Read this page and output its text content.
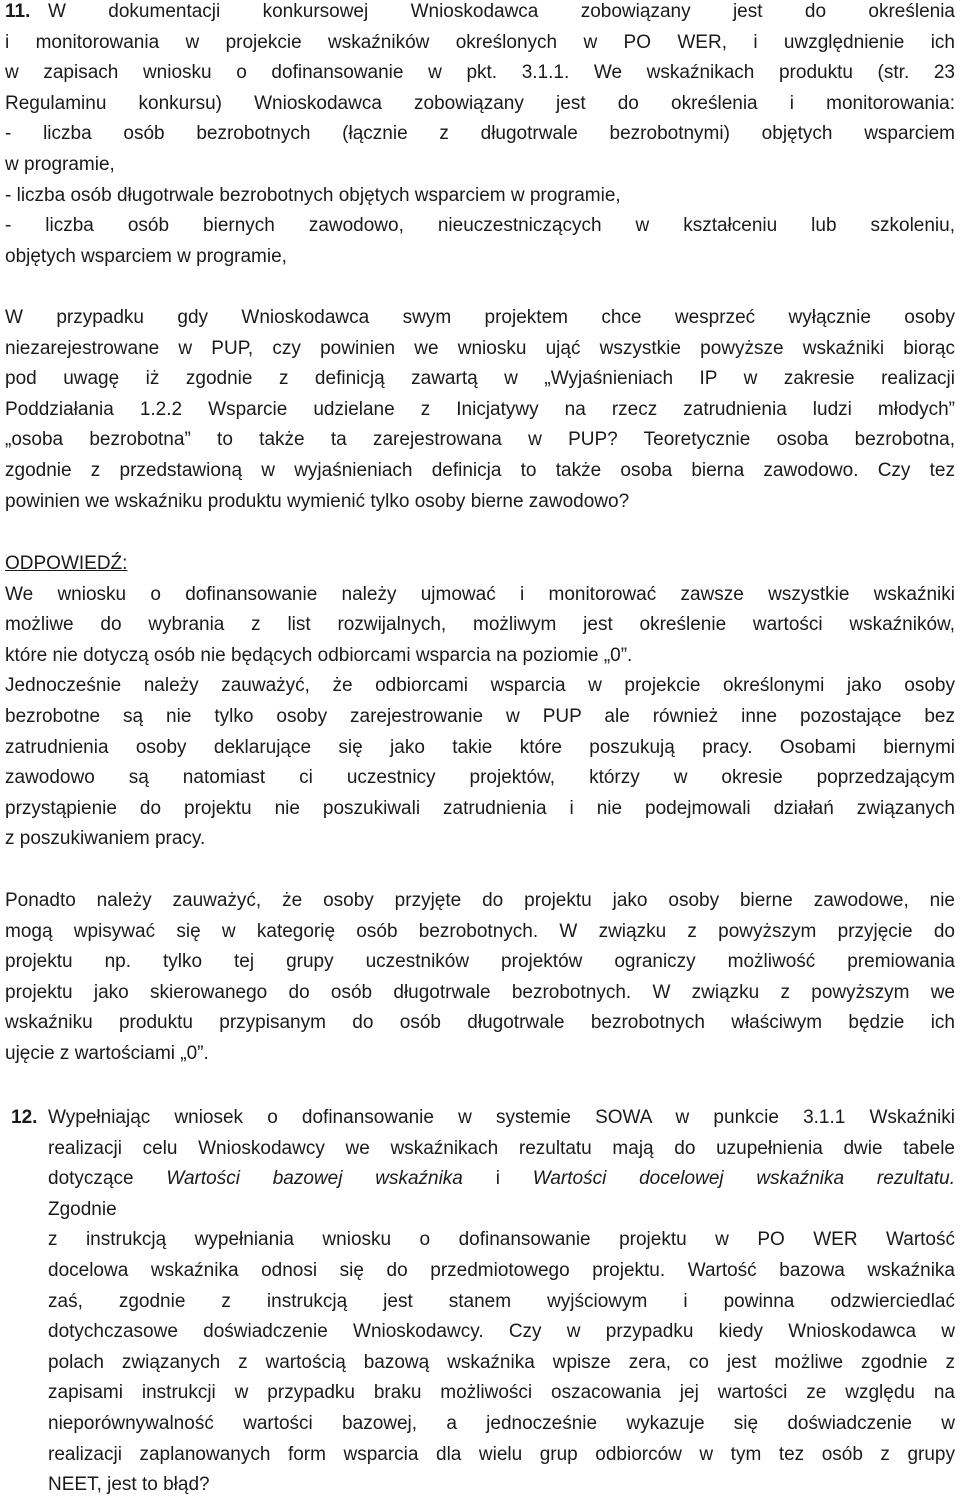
11. W dokumentacji konkursowej Wnioskodawca zobowiązany jest do określenia
i monitorowania w projekcie wskaźników określonych w PO WER, i uwzględnienie ich
w zapisach wniosku o dofinansowanie w pkt. 3.1.1. We wskaźnikach produktu (str. 23
Regulaminu konkursu) Wnioskodawca zobowiązany jest do określenia i monitorowania:
- liczba osób bezrobotnych (łącznie z długotrwale bezrobotnymi) objętych wsparciem
w programie,
- liczba osób długotrwale bezrobotnych objętych wsparciem w programie,
- liczba osób biernych zawodowo, nieuczestniczących w kształceniu lub szkoleniu,
objętych wsparciem w programie,
W przypadku gdy Wnioskodawca swym projektem chce wesprzeć wyłącznie osoby
niezarejestrowane w PUP, czy powinien we wniosku ująć wszystkie powyższe wskaźniki biorąc
pod uwagę iż zgodnie z definicją zawartą w „Wyjaśnieniach IP w zakresie realizacji
Poddziałania 1.2.2 Wsparcie udzielane z Inicjatywy na rzecz zatrudnienia ludzi młodych”
„osoba bezrobotna” to także ta zarejestrowana w PUP? Teoretycznie osoba bezrobotna,
zgodnie z przedstawioną w wyjaśnieniach definicja to także osoba bierna zawodowo. Czy tez
powinien we wskaźniku produktu wymienić tylko osoby bierne zawodowo?
ODPOWIEDŹ:
We wniosku o dofinansowanie należy ujmować i monitorować zawsze wszystkie wskaźniki
możliwe do wybrania z list rozwijalnych, możliwym jest określenie wartości wskaźników,
które nie dotyczą osób nie będących odbiorcami wsparcia na poziomie „0”.
Jednocześnie należy zauważyć, że odbiorcami wsparcia w projekcie określonymi jako osoby
bezrobotne są nie tylko osoby zarejestrowanie w PUP ale również inne pozostające bez
zatrudnienia osoby deklarujące się jako takie które poszukują pracy. Osobami biernymi
zawodowo są natomiast ci uczestnicy projektów, którzy w okresie poprzedzającym
przystąpienie do projektu nie poszukiwali zatrudnienia i nie podejmowali działań związanych
z poszukiwaniem pracy.
Ponadto należy zauważyć, że osoby przyjęte do projektu jako osoby bierne zawodowe, nie
mogą wpisywać się w kategorię osób bezrobotnych. W związku z powyższym przyjęcie do
projektu np. tylko tej grupy uczestników projektów ograniczy możliwość premiowania
projektu jako skierowanego do osób długotrwale bezrobotnych. W związku z powyższym we
wskaźniku produktu przypisanym do osób długotrwale bezrobotnych właściwym będzie ich
ujęcie z wartościami „0”.
12. Wypełniając wniosek o dofinansowanie w systemie SOWA w punkcie 3.1.1 Wskaźniki
realizacji celu Wnioskodawcy we wskaźnikach rezultatu mają do uzupełnienia dwie tabele
dotyczące Wartości bazowej wskaźnika i Wartości docelowej wskaźnika rezultatu.
Zgodnie
z instrukcją wypełniania wniosku o dofinansowanie projektu w PO WER Wartość
docelowa wskaźnika odnosi się do przedmiotowego projektu. Wartość bazowa wskaźnika
zaś, zgodnie z instrukcją jest stanem wyjściowym i powinna odzwierciedlać
dotychczasowe doświadczenie Wnioskodawcy. Czy w przypadku kiedy Wnioskodawca w
polach związanych z wartością bazową wskaźnika wpisze zera, co jest możliwe zgodnie z
zapisami instrukcji w przypadku braku możliwości oszacowania jej wartości ze względu na
nieporównywalność wartości bazowej, a jednocześnie wykazuje się doświadczenie w
realizacji zaplanowanych form wsparcia dla wielu grup odbiorców w tym tez osób z grupy
NEET, jest to błąd?
